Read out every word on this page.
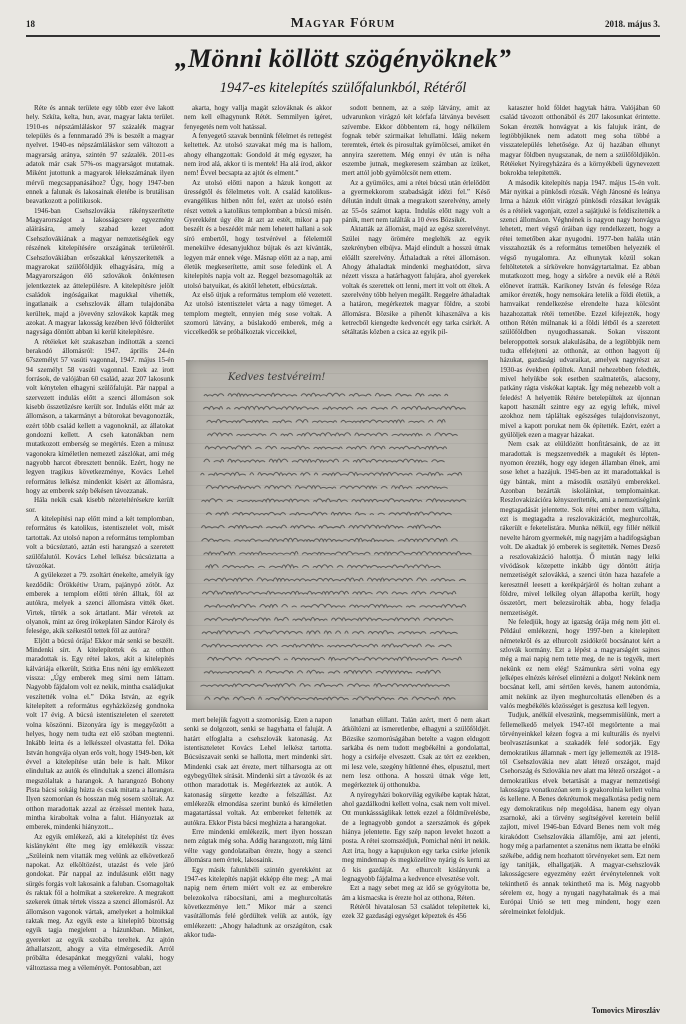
18	Magyar Fórum	2018. május 3.
„Mönni köllött szögényöknek”
1947-es kitelepítés szülőfalunkból, Rétéről

Réte és annak területe egy több ezer éve lakott hely. Szkíta, kelta, hun, avar, magyar lakta terület. 1910-es népszámláláskor 97 százalék magyar település és a fennmaradó 3% is beszélt a magyar nyelvet. 1940-es népszámláláskor sem változott a magyarság aránya, szintén 97 százalék. 2011-es adatok már csak 57%-os magyarságot mutatnak. Miként jutottunk a magyarok lélekszámának ilyen mérvű megcsappanásához? Úgy, hogy 1947-ben ennek a falunak és lakosainak életébe is brutálisan beavatkozott a politikusok.

1946-ban Csehszlovákia rákényszerítette Magyarországot a lakosságcsere egyezmény aláírására, amely szabad kezet adott Csehszlovákiának a magyar nemzetiségűek egy részének kitelepítésére országának területéről. Csehszlovákiában erőszakkal kényszerítették a magyarokat szülőföldjük elhagyására, míg a Magyarországon élő szlovákok önkéntesen jelentkeztek az áttelepülésre. A kitelepítésre jelölt családok ingóságaikat magukkal vihették, ingatlanaik a csehszlovák állam tulajdonába kerültek, majd a jövevény szlovákok kapták meg azokat. A magyar lakosság kezében lévő földterület nagysága döntött abban ki kerül kitelepítésre.

A rétéieket két szakaszban indították a szenci berakodó állomásról: 1947. április 24-én 67személyt 57 vasúti vagonnal, 1947. május 15-én 94 személyt 58 vasúti vagonnal. Ezek az irott források, de valójában 60 család, azaz 207 lakosunk volt kénytelen elhagyni szülőfaluját. Pár nappal a szervezett indulás előtt a szenci állomáson sok kisebb összetűzésre került sor. Indulás előtt már az állomáson, a takarmányt a bútorokat bevagonozták, ezért több család kellett a vagonoknál, az állatokat gondozni kellett. A cseh katonákban nem mutatkozott emberség se megértés. Ezen a mínusz vagonokra kíméletlen nemezetl zászlókat, ami még nagyobb harcot ébresztett bennük. Ezért, hogy ne legyen tragikus következménye, Kovács Lehel református lelkész mindenkit kísért az állomásra, hogy az emberek szép békésen távozzanak.

Hála nekik csak kisebb nézeteltérésekre került sor.

A kitelepítési nap előtt mind a két templomban, református és katolikus, istentisztelet volt, misét tartottak. Az utolsó napon a református templomban volt a búcsúztató, aztán esti harangszó a szeretett szülőfalutól. Kovács Lehel lelkész búcsúztatta a távozókat.

A gyülekezet a 79. zsoltárt énekelte, amelyik így kezdődik: Örökkétiw Uram, pajánypó zötöt. Az emberek a templom előtti térén álltak, föl az autókra, melyek a szenci állomásra vitték őket. Virtek, tűrték a sok ártatlant. Már véretek az olyanok, mint az öreg írókeplaten Sándor Károly és felesége, akik székestől tettek föl az autóra?

Eljött a búcsú órája! Ekkor már senki se beszélt. Mindenki sírt. A kitelepítettek és az otthon maradottak is. Egy réteí lakos, akit a kitelepítés kálváriája elkerült, Szitka Etus néni így emlékezett vissza: „Úgy emberek meg sírni nem láttam. Nagyobb fájdalom volt ez nekik, mintha családjukat veszítették volna el.” Dóka István, az egyik kitelepített a református egyházközség gondnoka volt 17 évig. A búcsú istentiszteleten el szeretett volna köszönni. Bizonyára így is meggyőzött a helyes, hogy nem tudta ezt elő szóban megtenni. Inkább leírta és a lelkésszel olvastatta fel. Dóka István hongvája olyan erős volt, hogy 1949-ben, két évvel a kitelepítése után bele is halt. Mikor elindultak az autók és elindultak a szenci állomásra megszólaltak a harangok. A harangozó Bohony Pista bácsi sokáig húzta és csak mitatta a harangot. Ilyen szomorúan és hosszan még sosem szóltak. Az otthon maradottak azzal az érzéssel mentek haza, mintha kiraboltak volna a falut. Hiányoztak az emberek, mindenki hiányzott...

Az egyik emlékező, aki a kitelepítést tíz éves kislányként élte meg így emlékezik vissza: „Szüleink nem vitatták meg velünk az elkövetkező napokat. Az elköltözést, utazást és vele járó gondokat. Pár nappal az indulásunk előtt nagy sürgés forgás volt lakosaink a faluban. Csomagoltak és raktak föl a holmikat a szekerekre. A megrakott szekerek útnak tértek vissza a szenci állomásról. Az állomáson vagonok vártak, amelyeket a holmikkal raktak meg. Az egyik este a kitelepítő bizottság egyik tagja megjelent a házunkban. Minket, gyereket az egyik szobába tereltek. Az ajtón áthallatszott, ahogy a vita elmérgesedik. Arról próbálta édesapánkat meggyőzni valaki, hogy változtassa meg a véleményét. Pontosabban, azt

akarta, hogy vallja magát szlováknak és akkor nem kell elhagynunk Rétét. Semmilyen ígéret, fenyegetés nem volt hatással.

A fenyegető szavak bennünk félelmet és rettegést keltettek. Az utolsó szavakat még ma is hallom, ahogy elhangzottak: Gondold át még egyszer, ha nem írod alá, akkor ti is mentek! Ha alá írod, akkor nem! Évvel becsapta az ajtót és elment.”

Az utolsó előtti napon a házuk kongott az ürességtől és félelmetes volt. A család katolikus-evangélikus hitben nőtt fel, ezért az utolsó estén részt vettek a katolikus templomban a búcsú misén. Gyerekként úgy élte át azt az estét, mikor a pap beszélt és a beszédét már nem lehetett hallani a sok síró embertől, hogy testvérével a félelemtől menekülve édesanyjukhoz bújtak és azt kívánták, legyen már ennek vége. Másnap előtt az a nap, ami életük megkeserítette, amit sose feledünk el. A kitelepítés napja volt az. Reggel bezsomagolták az utolsó batyuikat, és akitől lehetett, elbúcsúztak.

Az első útjuk a református templom elé vezetett. Az utolsó istentisztelet várta a nagy tömeget. A templom megtelt, ennyien még sose voltak. A szomorú látvány, a búslakodó emberek, még a viccelkedők se próbálkoztak vicceikkel,

sodott bennem, az a szép látvány, amit az udvarunkon virágzó két kórfafa látványa bevésett szívembe. Ekkor döbbentem rá, hogy nélkülem fognak tebér szirmaikat lehullatni. Idáig nekem teremtek, értek és pirosultak gyümölcsei, amiket én annyira szerettem. Még ennyi év után is néha eszembe jutnak, megkeresem számban az ízüket, mert attól jobb gyümölcsöt nem ettem.

Az a gyümölcs, ami a rétei búcsú után érlelődött a gyermekkorom szabadságát idézi fel.” Késő délután indult útnak a megrakott szerelvény, amely az 55-ös számot kapta. Indulás előtt nagy volt a pánik, mert nem találták a 10 éves Bözsikét.

Aktatták az állomást, majd az egész szerelvényt. Szülei nagy örömére meglelték az egyik szekrényben elbújva. Majd elindult a hosszú útnak előállt szerelvény. Áthaladtak a rétei állomáson. Ahogy áthaladtak mindenki meghatódott, sírva nézett vissza a határhagyott falujára, ahol gyerekek voltak és szerettek ott lenni, mert itt volt ott éltek. A szerelvény több helyen megállt. Reggelre áthaladtak a határon, megérkeztek magyar földre, a szobi állomásra. Bözsike a pihenőt kihasználva a kis ketrecből kiengedte kedvencét egy tarka csirkét. A sétáltatás közben a csica az egyik pil-

Kedves testvéreim!

kataszter hold földet hagytak hátra. Valójában 60 család távozott otthonából és 207 lakosunkat érintette. Sokan érezték honvágyat a kis falujuk iránt, de legtöbbjüknek nem adatott meg soha többé a visszatelepülés lehetősége. Az új hazában elhunyt magyar földben nyugszanak, de nem a szülőföldjükön. Rétéieket Nyíregyházára és a környékbeli ügynevezett bokrokba telepítették.

A második kitelepítés napja 1947. május 15-én volt. Már nyitkai a pünkösdi rózsák. Végh Jánosné és leánya Irma a házuk előtt virágzó pünkösdi rózsákat levágták és a rétéiek vagonjait, ezzel a sajátjuké is feldíszítették a szenci állomáson. Véghnének is nagyon nagy honvágya lehetett, mert végső óráiban úgy rendelkezett, hogy a rétei temetőben akar nyugodni. 1977-ben halála után visszahozták és a református temetőben helyezték el végső nyugalomra. Az elhunytak közül sokan feltöltetetek a sírkövekre honvágytartalmat. Ez abban mutatkozott meg, hogy a sírkőre a nevük elé a Rétéi előnevet írattták. Karikoney István és felesége Róza amikor érezték, hogy nemsokára letelik a földi életük, a hamvaikat rendelkezése elrendelte haza kölcsönt hazahozattak rétéi temetőbe. Ezzel kifejezték, hogy otthon Rétén múlnanak ki a földi létből és a szeretett szülőföldben nyugodhassanak. Sokan visszont beleroppottek sorsuk alakulásába, de a legtöbbjük nem tudta elfelejteni az otthonát, az otthon hagyott új házukat, gazdasági udvaraikat, amelyek nagyrészt az 1930-as években épültek. Annál nehezebben feledték, mivel helyükbe sok esetben szalmatetős, alacsony, patkány rágta viskókat kaptak. Így még nehezebb volt a feledés! A helyettük Rétére betelepültek az újonnan kapott használt szintre egy az egyig lefték, mivel azokhoz nem tápláltak egészséges tulajdonviszonyt, mivel a kapott porukat nem ők építették. Ezért, ezért a gyülöljek ezen a magyar házakat.

Nem csak az elüldözött honfitársaink, de az itt maradottak is megszenvedték a magukét és lépten-nyomon érezték, hogy egy idegen államban élnek, ami sose lehet a hazájuk. 1945-ben az itt maradottakkal is úgy bántak, mint a második osztályú emberekkel. Azonban bezárták iskoláinkat, templomainkat. Reszlovakizációra kényszerítették, ami a nemzetiségünk megtagadását jelentette. Sok rétei ember nem vállalta, ezt is megtagadta a reszlovakizációt, meghurcolták, rákerült e feketelistára. Munka nélkül, egy fillér nélkül nevelte három gyermekét, míg nagyjám a hadifogságban volt. De akadtak jó emberek is segítették. Nemes Dezső a reszlovakizáció halottja. Ő miután nagy lelki vívódások közepette inkább úgy döntött átírja nemzetiségét szlovákká, a szenci útón haza hazafele a keresztnél leesett a kerékpárjáról és holtan zuhant a földre, mivel lelkileg olyan állapotba került, hogy összetört, mert belezsúrolták abba, hogy feladja nemzetiségét.

Ne feledjük, hogy az igazság órája még nem jött el. Például emlékezni, hogy 1997-ben a kitelepített németekről és az elhurcolt zsidókról bocsánatot kért a szlovák kormány. Ezt a lépést a magyarságért sajnos még a mai napig nem tette meg, de ne is tegyék, mert nekünk ez nem elég! Számunkra sérti volna egy jelképes elnézés kérésel elintézni a dolgot! Nekünk nem bocsánat kell, ami sértően kevés, hanem autonómia, amit nekünk az ilyen meghurcoltatás ellenében és a valós megbékélés közösséget is gesztusa kell legyen.

Tudjuk, anélkül elveszünk, megsemmisülünk, mert a fellemelkedő melyek 1947-től megtörtente a mai törvényeinkkel kézen fogva a mi kulturális és nyelvi beolvasztásunkat a szakadék felé sodorják. Egy demokratikus államnak - mert így jellemezték az 1918-tól Csehszlovákia nev alatt létező országot, majd Csehország és Szlovákia nev alatt ma létező országot - a demokratikus elvek betartását a magyar nemzetiségi lakosságra vonatkozóan sem is gyakorolnia kellett volna és kellene. A Benes dekrétumok megalkotása pedig nem egy demokratikus nép megoldása, hanem egy olyan zsarnoké, aki a törvény segítségével keretein belül zajlott, mivel 1946-ban Edvard Benes nem volt még kirakódott Csehszlovákia államfője, ami azt jelenti, hogy még a parlamentet a szenátus nem iktatta be elnöki székébe, addig nem hozhatott törvényeket sem. Ezt nem így tanítják, elhallgatják. A magyar-csehszlovák lakosságcsere egyezmény ezért érvénytelennek volt tekinthető és annak tekinthető ma is. Még nagyobb sérelem ez, hogy a nyugati nagyhatalmak és a mai Európai Unió se tett meg mindent, hogy ezen sérelmeinket feloldjuk.

mert belejük fagyott a szomorúság. Ezen a napon senki se dolgozott, senki se hagyhatta el faluját. A határt elfoglalta a csehszlovák katonaság. Az istentiszteletet Kovács Lehel lelkész tartotta. Búcsúszavait senki se hallotta, mert mindenki sírt. Mindenki csak azt érezte, mert túlharsogta az ott egybegyűltek sírását. Mindenki sírt a távozók és az otthon maradottak is. Megérkeztek az autók. A katonaság sürgette kezdte a felszállást. Az emlékezők elmondása szerint bunkó és kíméletlen magatartással voltak. Az embereket feltették az autókra. Ekkor Pista bácsi meghúzta a harangokat.

Erre mindenki emlékezik, mert ilyen hosszan nem zúgtak még soha. Addig harangozott, míg látni vélte vagy gondolataiban érezte, hogy a szenci állomásra nem értek, lakosaink.

Egy másik falunkbéli szintén gyerekként az 1947-es kitelepítés napját ekképp élte meg: „A mai napig nem értem miért volt ez az emberekre belezokolva rábocsítani, ami a meghurcoltatás következménye lett.” Mikor már a szenci vasútállomás felé gördültek velük az autók, így emlékezett: „Ahogy haladtunk az országúton, csak akkor tuda-

lanatban elillant. Talán azért, mert ő nem akart átköltözni az ismeretlenbe, elhagyni a szülőföldjét. Bözsike szomorúságában betelte a vagon eldugott sarkába és nem tudott megbékélni a gondolattal, hogy a csirkéje elveszett. Csak az tért ez ezekben, mi lesz vele, szegény hűtlenné éhes, elpusztul, mert nem lesz otthona. A hosszú útnak vége lett, megérkeztek új otthonukba.

A nyíregyházi bokorvilág egyikébe kaptak házat, ahol gazdálkodni kellett volna, csak nem volt mivel. Ott munkássságlikak lettek ezzel a földművelésbe, de a legnagyobb gondot a szerszámok és gépek hiánya jelentette. Egy szép napon levelet hozott a posta. A rétei szomszédjuk, Pomichal néni írt nekik. Azt írta, hogy a kapujukon egy tarka csirke jelenik meg mindennap és megközelítve nyárig és kerni az ő kis gazdáját. Az elhurcolt kislányunk a legnagyobb fájdalma a kedvence elvesztése volt.

Ezt a nagy sebet meg az idő se gyógyította be, ám a kismacska is érezte hol az otthona, Réten.

Rétéről hivatalosan 53 családot telepítettek ki, ezek 32 gazdasági egységet képeztek és 456

Tomovics Miroszláv
